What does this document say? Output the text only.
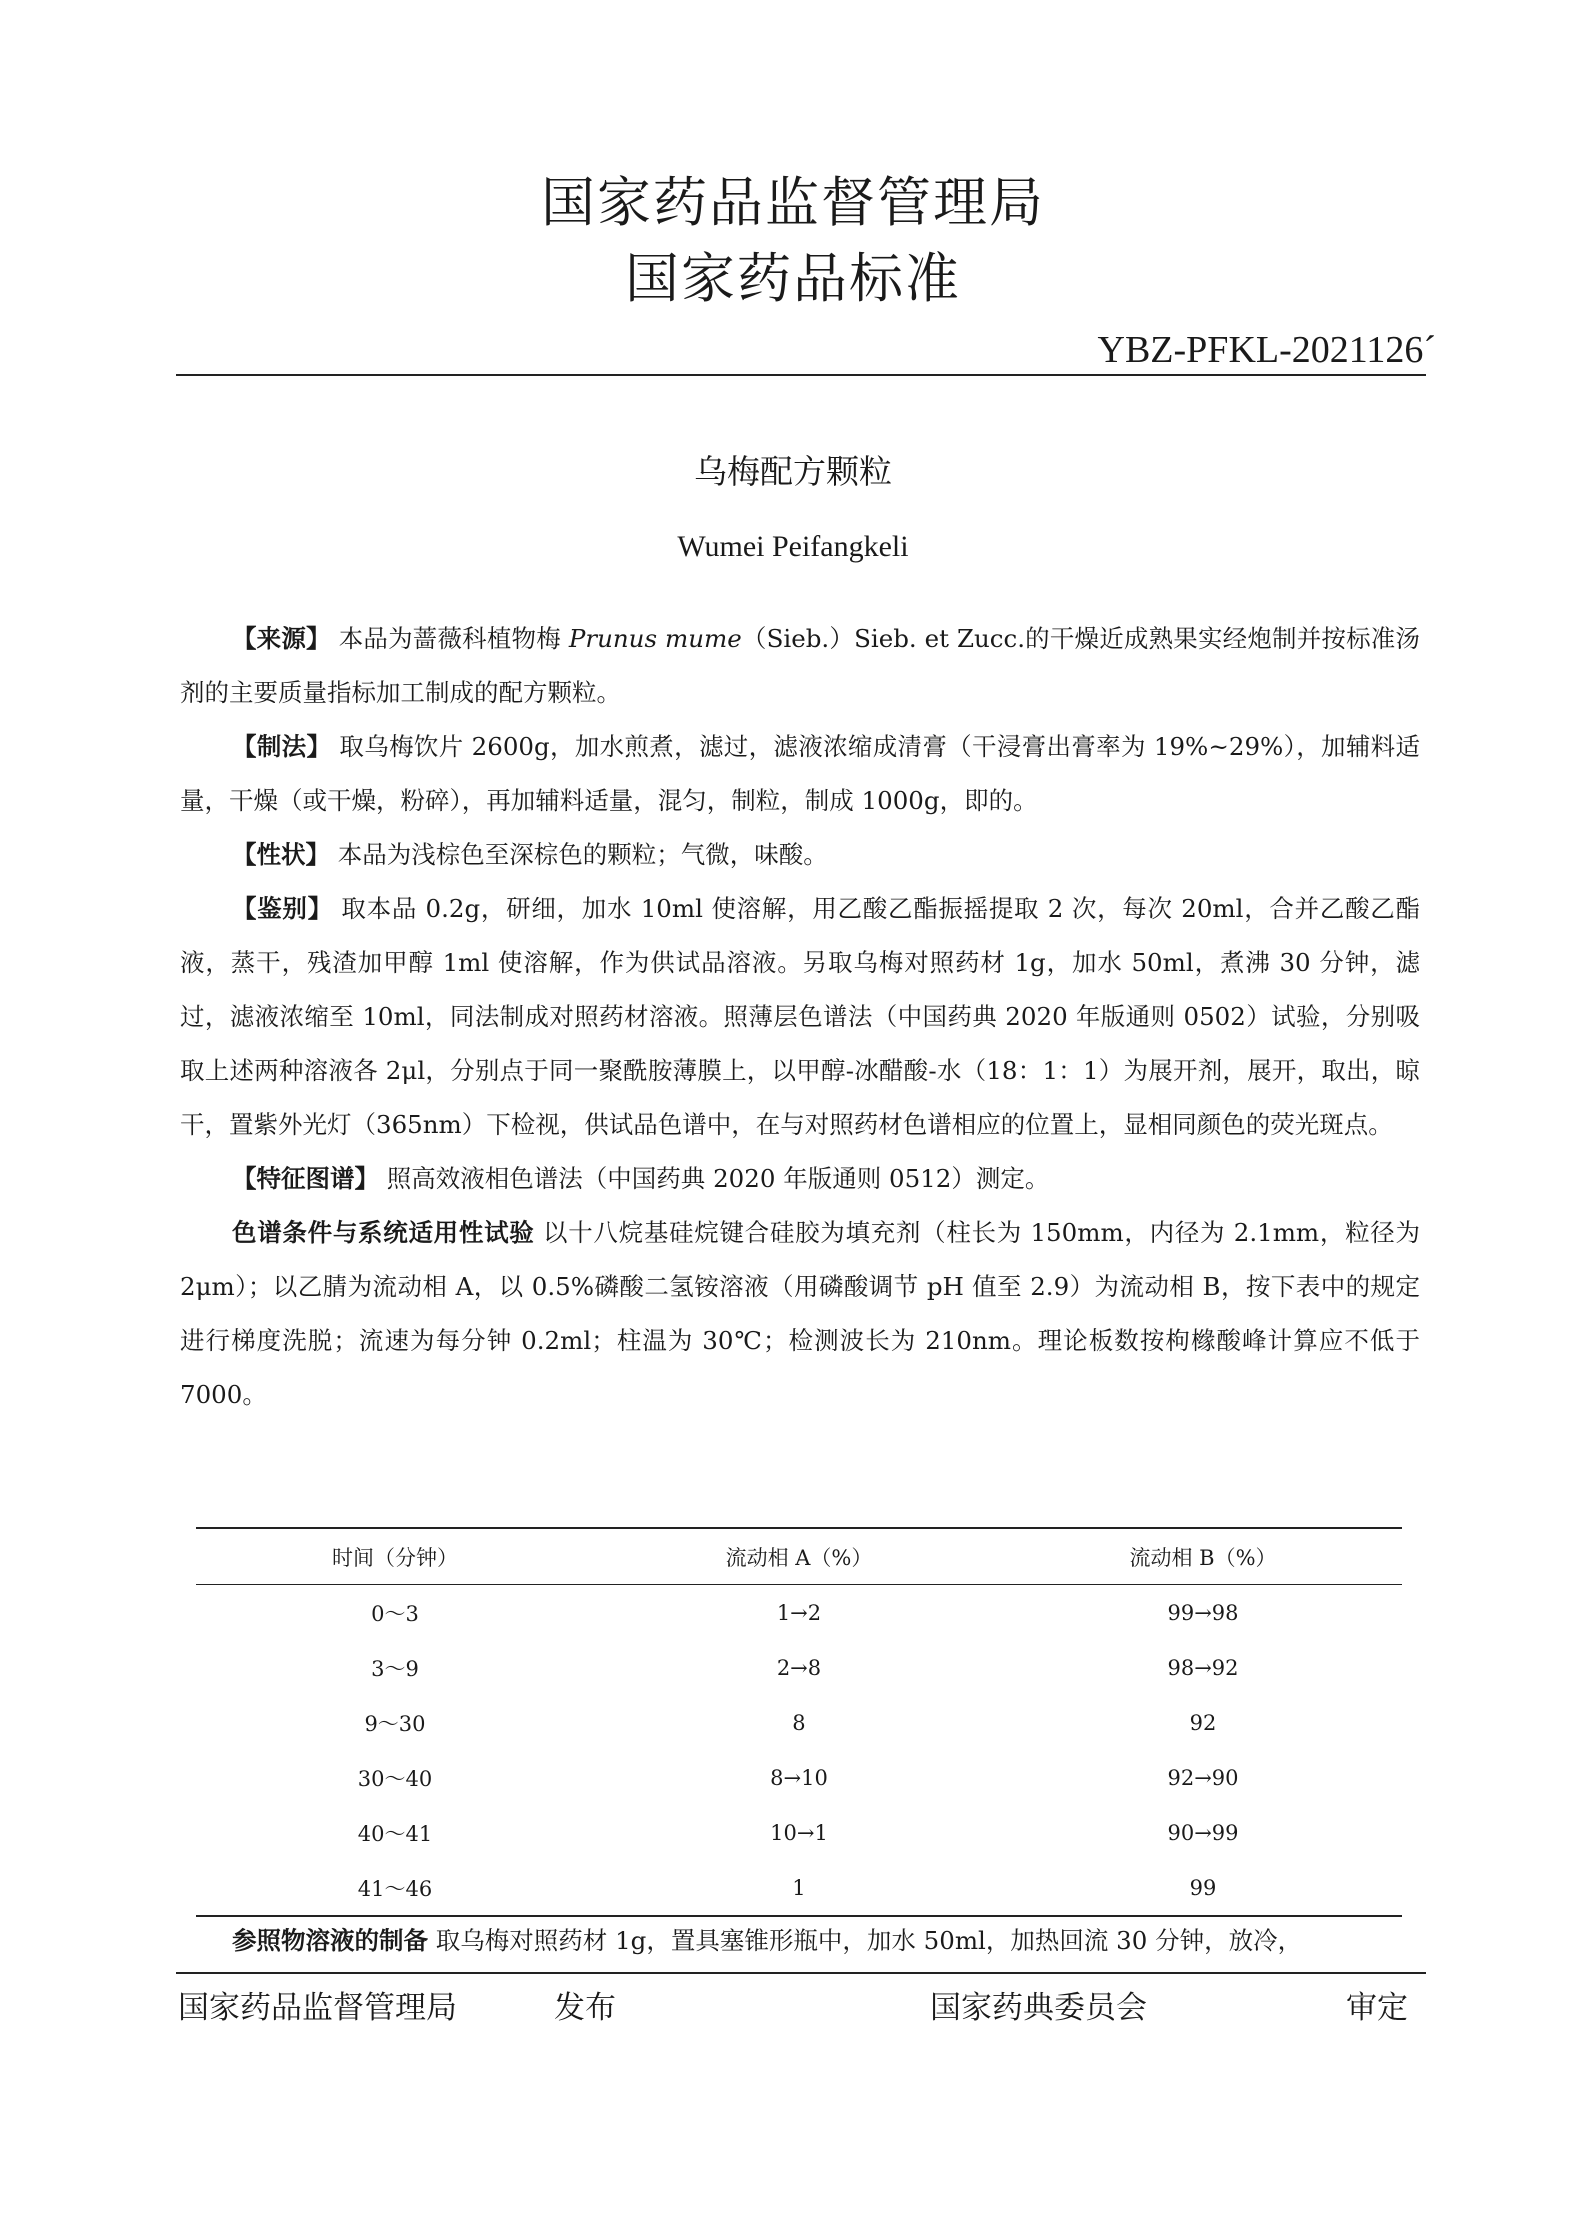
国家药品监督管理局
国家药品标准
YBZ-PFKL-2021126´
乌梅配方颗粒
Wumei Peifangkeli

【来源】 本品为蔷薇科植物梅 Prunus mume（Sieb.）Sieb. et Zucc.的干燥近成熟果实经炮制并按标准汤剂的主要质量指标加工制成的配方颗粒。

【制法】 取乌梅饮片 2600g，加水煎煮，滤过，滤液浓缩成清膏（干浸膏出膏率为 19%~29%），加辅料适量，干燥（或干燥，粉碎），再加辅料适量，混匀，制粒，制成 1000g，即的。

【性状】 本品为浅棕色至深棕色的颗粒；气微，味酸。

【鉴别】 取本品 0.2g，研细，加水 10ml 使溶解，用乙酸乙酯振摇提取 2 次，每次 20ml，合并乙酸乙酯液，蒸干，残渣加甲醇 1ml 使溶解，作为供试品溶液。另取乌梅对照药材 1g，加水 50ml，煮沸 30 分钟，滤过，滤液浓缩至 10ml，同法制成对照药材溶液。照薄层色谱法（中国药典 2020 年版通则 0502）试验，分别吸取上述两种溶液各 2μl，分别点于同一聚酰胺薄膜上，以甲醇-冰醋酸-水（18：1：1）为展开剂，展开，取出，晾干，置紫外光灯（365nm）下检视，供试品色谱中，在与对照药材色谱相应的位置上，显相同颜色的荧光斑点。

【特征图谱】 照高效液相色谱法（中国药典 2020 年版通则 0512）测定。

色谱条件与系统适用性试验 以十八烷基硅烷键合硅胶为填充剂（柱长为 150mm，内径为 2.1mm，粒径为 2μm）；以乙腈为流动相 A，以 0.5%磷酸二氢铵溶液（用磷酸调节 pH 值至 2.9）为流动相 B，按下表中的规定进行梯度洗脱；流速为每分钟 0.2ml；柱温为 30℃；检测波长为 210nm。理论板数按枸橼酸峰计算应不低于 7000。

时间（分钟）	流动相 A（%）	流动相 B（%）
0～3	1→2	99→98
3～9	2→8	98→92
9～30	8	92
30～40	8→10	92→90
40～41	10→1	90→99
41～46	1	99

参照物溶液的制备 取乌梅对照药材 1g，置具塞锥形瓶中，加水 50ml，加热回流 30 分钟，放冷，

国家药品监督管理局	发布	国家药典委员会	审定
